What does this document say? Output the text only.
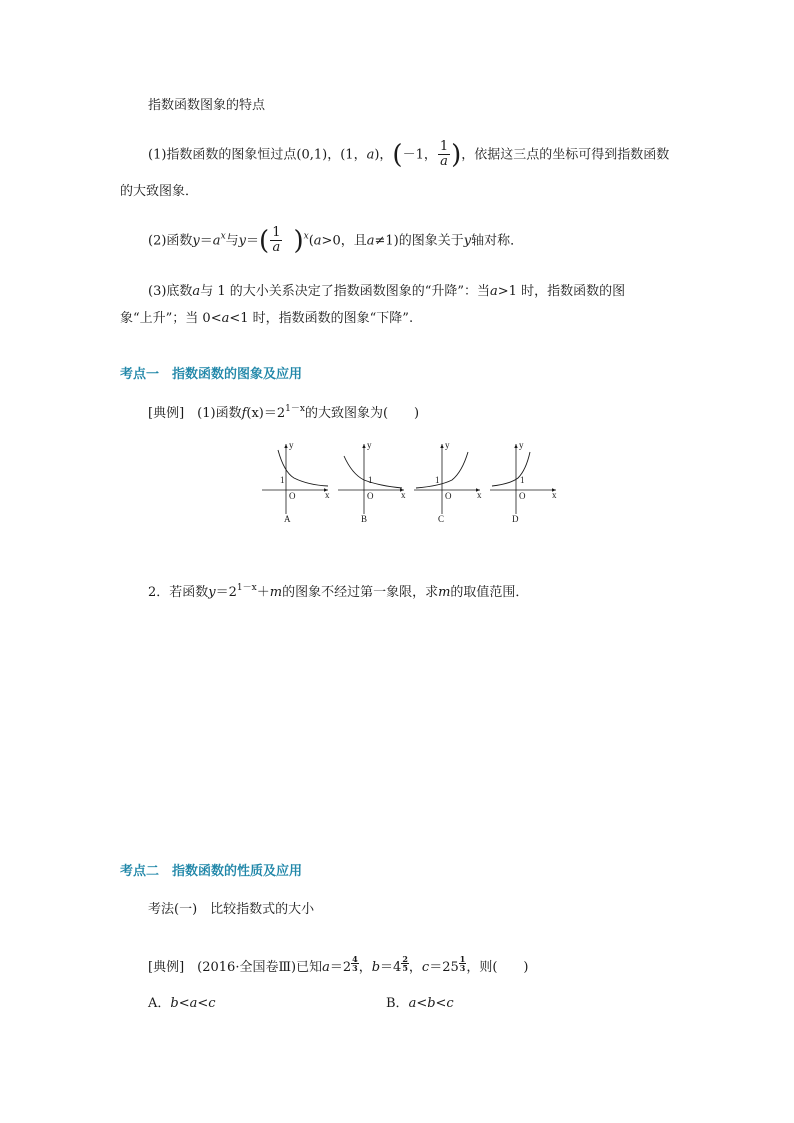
指数函数图象的特点
(1)指数函数的图象恒过点(0,1)，(1，a)，(－1， $\frac{1}{a}$ )，依据这三点的坐标可得到指数函数
的大致图象．
(2)函数$y=a^x$与$y=( \frac{1}{a} )^x(a>0$，且a≠1)的图象关于y轴对称．
(3)底数a与 1 的大小关系决定了指数函数图象的“升降”：当a>1 时，指数函数的图
象“上升”；当 0<a<1 时，指数函数的图象“下降”.
考点一　指数函数的图象及应用
[典例]　 (1)函数$f(x)=2^{1-x}$的大致图象为(　　)
y
x
O
1
A
y
x
O
1
B
y
x
O
1
C
y
x
O
1
D
2．若函数$y=2^{1-x}+m$的图象不经过第一象限，求m的取值范围．
考点二　指数函数的性质及应用
考法(一)　比较指数式的大小
[典例]　 (2016·全国卷Ⅲ)已知$a=2 \frac{4}{3}$ ，$b=4 \frac{2}{5}$ ，$c=25 \frac{1}{3}$ ，则(　　)
A．b<a<c	B．a<b<c
